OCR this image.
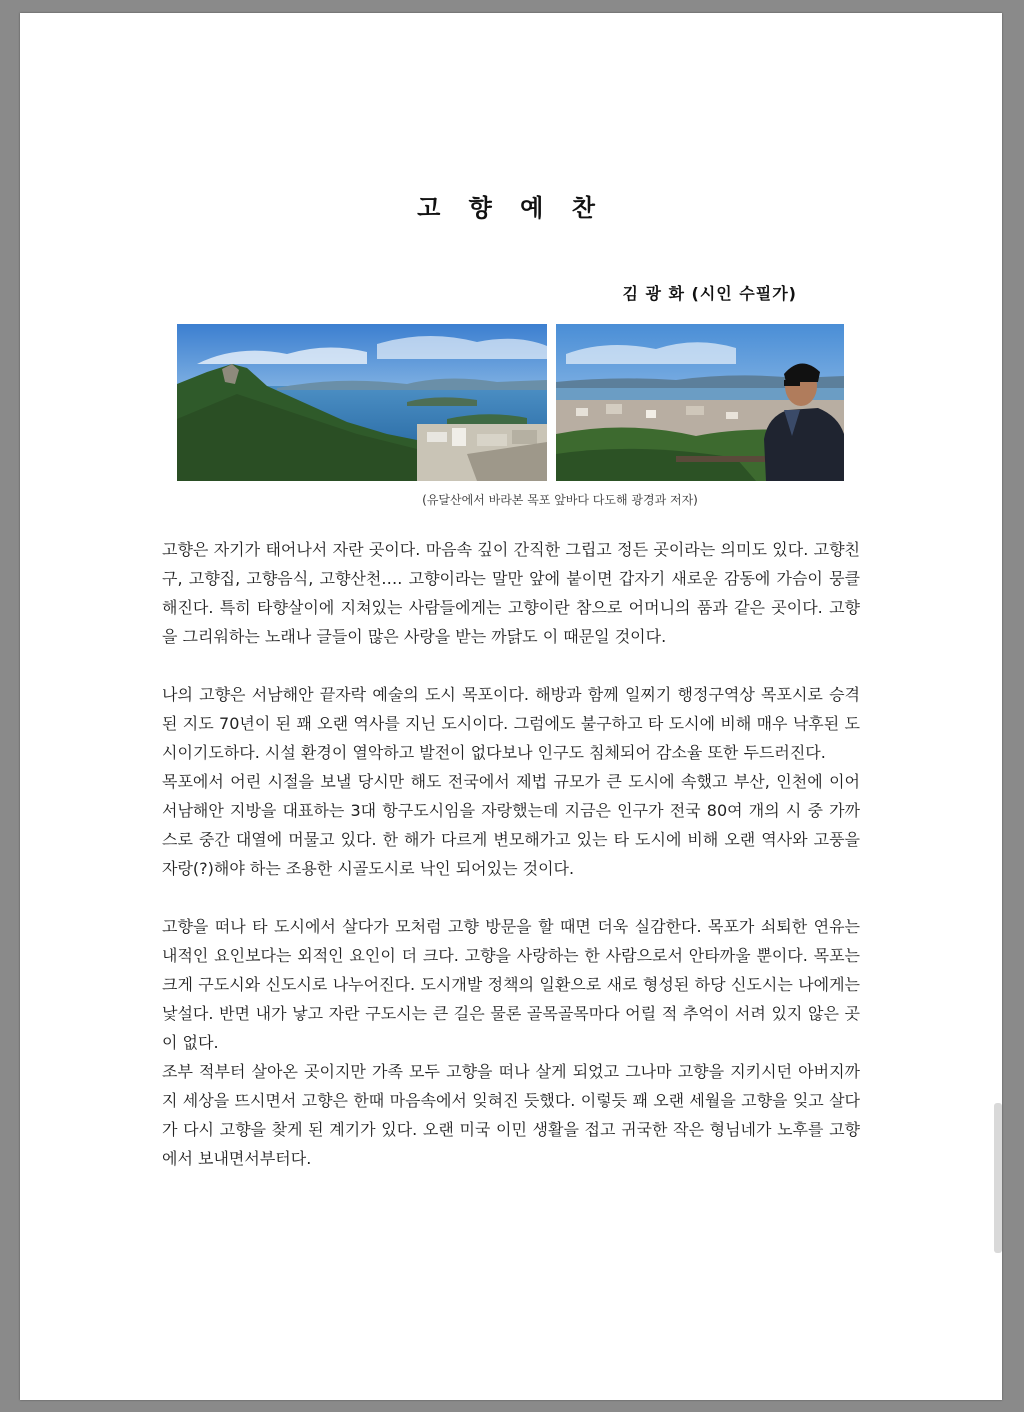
고 향 예 찬
김 광 화 (시인 수필가)
(유달산에서 바라본 목포 앞바다 다도해 광경과 저자)

고향은 자기가 태어나서 자란 곳이다. 마음속 깊이 간직한 그립고 정든 곳이라는 의미도 있다. 고향친구, 고향집, 고향음식, 고향산천…. 고향이라는 말만 앞에 붙이면 갑자기 새로운 감동에 가슴이 뭉클해진다. 특히 타향살이에 지쳐있는 사람들에게는 고향이란 참으로 어머니의 품과 같은 곳이다. 고향을 그리워하는 노래나 글들이 많은 사랑을 받는 까닭도 이 때문일 것이다.

나의 고향은 서남해안 끝자락 예술의 도시 목포이다. 해방과 함께 일찌기 행정구역상 목포시로 승격된 지도 70년이 된 꽤 오랜 역사를 지닌 도시이다. 그럼에도 불구하고 타 도시에 비해 매우 낙후된 도시이기도하다. 시설 환경이 열악하고 발전이 없다보나 인구도 침체되어 감소율 또한 두드러진다.

목포에서 어린 시절을 보낼 당시만 해도 전국에서 제법 규모가 큰 도시에 속했고 부산, 인천에 이어 서남해안 지방을 대표하는 3대 항구도시임을 자랑했는데 지금은 인구가 전국 80여 개의 시 중 가까스로 중간 대열에 머물고 있다. 한 해가 다르게 변모해가고 있는 타 도시에 비해 오랜 역사와 고풍을 자랑(?)해야 하는 조용한 시골도시로 낙인 되어있는 것이다.

고향을 떠나 타 도시에서 살다가 모처럼 고향 방문을 할 때면 더욱 실감한다. 목포가 쇠퇴한 연유는 내적인 요인보다는 외적인 요인이 더 크다. 고향을 사랑하는 한 사람으로서 안타까울 뿐이다. 목포는 크게 구도시와 신도시로 나누어진다. 도시개발 정책의 일환으로 새로 형성된 하당 신도시는 나에게는 낯설다. 반면 내가 낳고 자란 구도시는 큰 길은 물론 골목골목마다 어릴 적 추억이 서려 있지 않은 곳이 없다.

조부 적부터 살아온 곳이지만 가족 모두 고향을 떠나 살게 되었고 그나마 고향을 지키시던 아버지까지 세상을 뜨시면서 고향은 한때 마음속에서 잊혀진 듯했다. 이렇듯 꽤 오랜 세월을 고향을 잊고 살다가 다시 고향을 찾게 된 계기가 있다. 오랜 미국 이민 생활을 접고 귀국한 작은 형님네가 노후를 고향에서 보내면서부터다.
